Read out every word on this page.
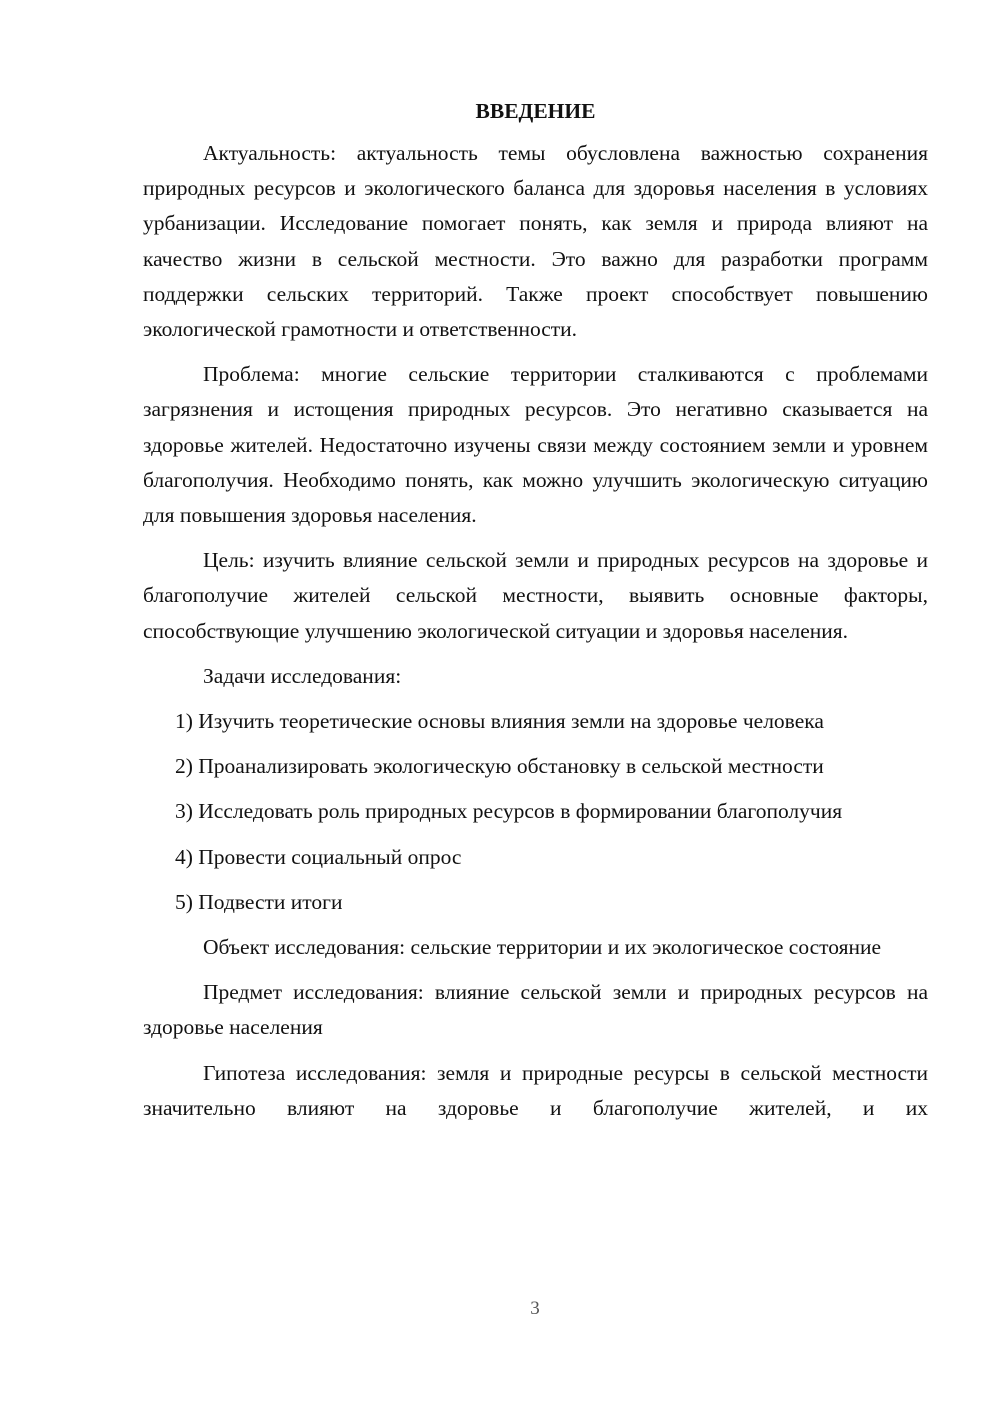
ВВЕДЕНИЕ

Актуальность: актуальность темы обусловлена важностью сохранения природных ресурсов и экологического баланса для здоровья населения в условиях урбанизации. Исследование помогает понять, как земля и природа влияют на качество жизни в сельской местности. Это важно для разработки программ поддержки сельских территорий. Также проект способствует повышению экологической грамотности и ответственности.

Проблема: многие сельские территории сталкиваются с проблемами загрязнения и истощения природных ресурсов. Это негативно сказывается на здоровье жителей. Недостаточно изучены связи между состоянием земли и уровнем благополучия. Необходимо понять, как можно улучшить экологическую ситуацию для повышения здоровья населения.

Цель: изучить влияние сельской земли и природных ресурсов на здоровье и благополучие жителей сельской местности, выявить основные факторы, способствующие улучшению экологической ситуации и здоровья населения.

Задачи исследования:

1) Изучить теоретические основы влияния земли на здоровье человека

2) Проанализировать экологическую обстановку в сельской местности

3) Исследовать роль природных ресурсов в формировании благополучия

4) Провести социальный опрос

5) Подвести итоги

Объект исследования: сельские территории и их экологическое состояние

Предмет исследования: влияние сельской земли и природных ресурсов на здоровье населения

Гипотеза исследования: земля и природные ресурсы в сельской местности значительно влияют на здоровье и благополучие жителей, и их

3
